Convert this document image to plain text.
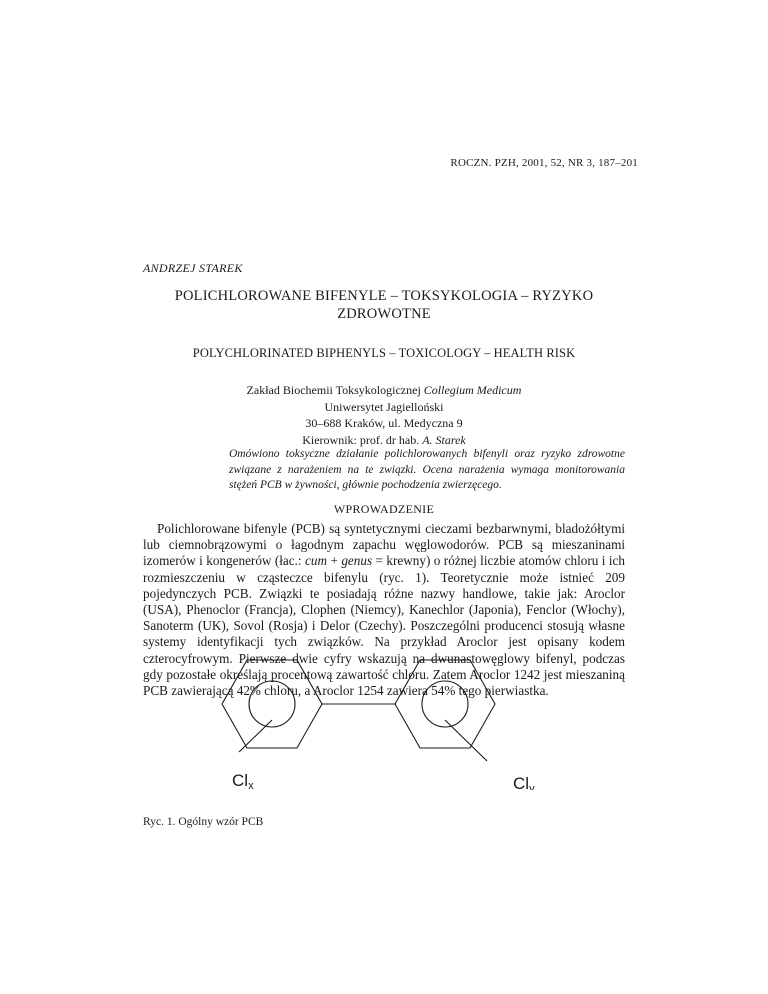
ROCZN. PZH, 2001, 52, NR 3, 187–201
ANDRZEJ STAREK
POLICHLOROWANE BIFENYLE – TOKSYKOLOGIA – RYZYKO
ZDROWOTNE
POLYCHLORINATED BIPHENYLS – TOXICOLOGY – HEALTH RISK
Zakład Biochemii Toksykologicznej Collegium Medicum
Uniwersytet Jagielloński
30–688 Kraków, ul. Medyczna 9
Kierownik: prof. dr hab. A. Starek
Omówiono toksyczne działanie polichlorowanych bifenyli oraz ryzyko zdrowotne związane z narażeniem na te związki. Ocena narażenia wymaga monitorowania stężeń PCB w żywności, głównie pochodzenia zwierzęcego.
WPROWADZENIE

Polichlorowane bifenyle (PCB) są syntetycznymi cieczami bezbarwnymi, bladożółtymi lub ciemnobrązowymi o łagodnym zapachu węglowodorów. PCB są mieszaninami izomerów i kongenerów (łac.: cum + genus = krewny) o różnej liczbie atomów chloru i ich rozmieszczeniu w cząsteczce bifenylu (ryc. 1). Teoretycznie może istnieć 209 pojedynczych PCB. Związki te posiadają różne nazwy handlowe, takie jak: Aroclor (USA), Phenoclor (Francja), Clophen (Niemcy), Kanechlor (Japonia), Fenclor (Włochy), Sanoterm (UK), Sovol (Rosja) i Delor (Czechy). Poszczególni producenci stosują własne systemy identyfikacji tych związków. Na przykład Aroclor jest opisany kodem czterocyfrowym. Pierwsze dwie cyfry wskazują na dwunastowęglowy bifenyl, podczas gdy pozostałe określają procentową zawartość chloru. Zatem Aroclor 1242 jest mieszaniną PCB zawierającą 42% chloru, a Aroclor 1254 zawiera 54% tego pierwiastka.

Clx	Cly
Ryc. 1. Ogólny wzór PCB
